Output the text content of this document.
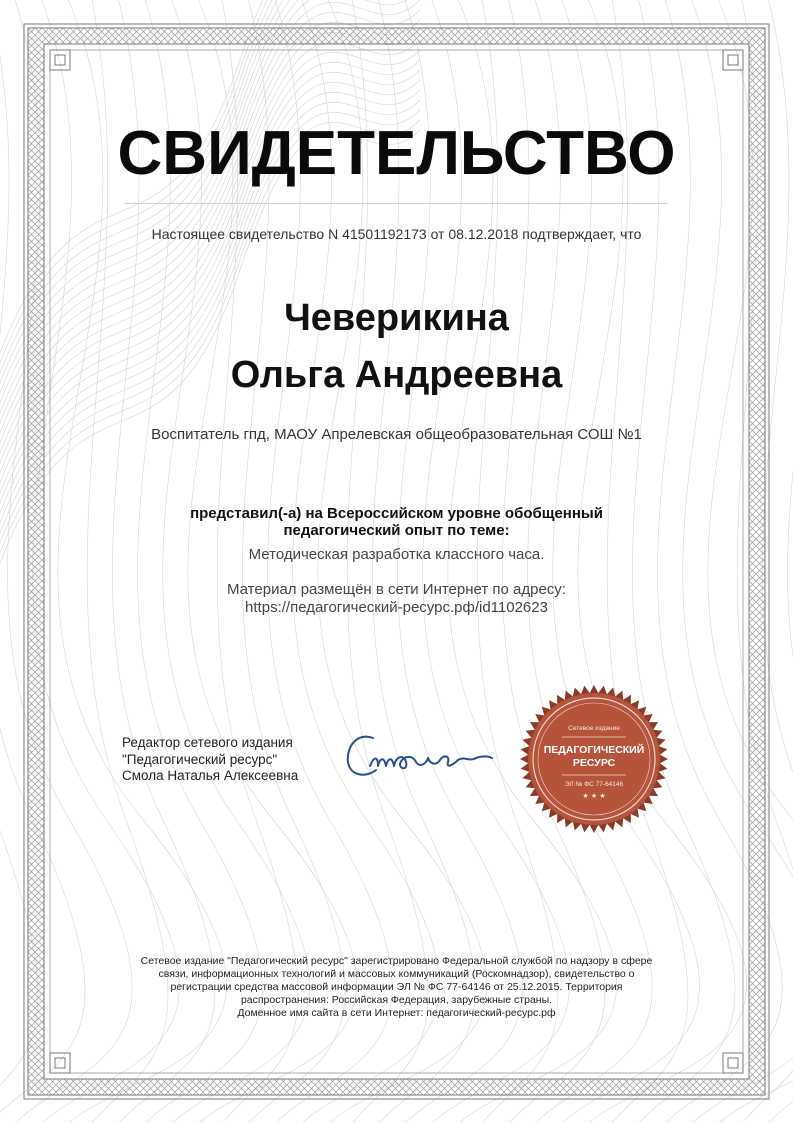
СВИДЕТЕЛЬСТВО
Настоящее свидетельство N 41501192173 от 08.12.2018 подтверждает, что
Чеверикина
Ольга Андреевна
Воспитатель гпд, МАОУ Апрелевская общеобразовательная СОШ №1
представил(-а) на Всероссийском уровне обобщенный
педагогический опыт по теме:
Методическая разработка классного часа.
Материал размещён в сети Интернет по адресу:
https://педагогический-ресурс.рф/id1102623
Редактор сетевого издания
"Педагогический ресурс"
Смола Наталья Алексеевна
Сетевое издание
ПЕДАГОГИЧЕСКИЙ
РЕСУРС
ЭЛ № ФС 77-64146
★ ★ ★
Сетевое издание "Педагогический ресурс" зарегистрировано Федеральной службой по надзору в сфере
связи, информационных технологий и массовых коммуникаций (Роскомнадзор), свидетельство о
регистрации средства массовой информации ЭЛ № ФС 77-64146 от 25.12.2015. Территория
распространения: Российская Федерация, зарубежные страны.
Доменное имя сайта в сети Интернет: педагогический-ресурс.рф
